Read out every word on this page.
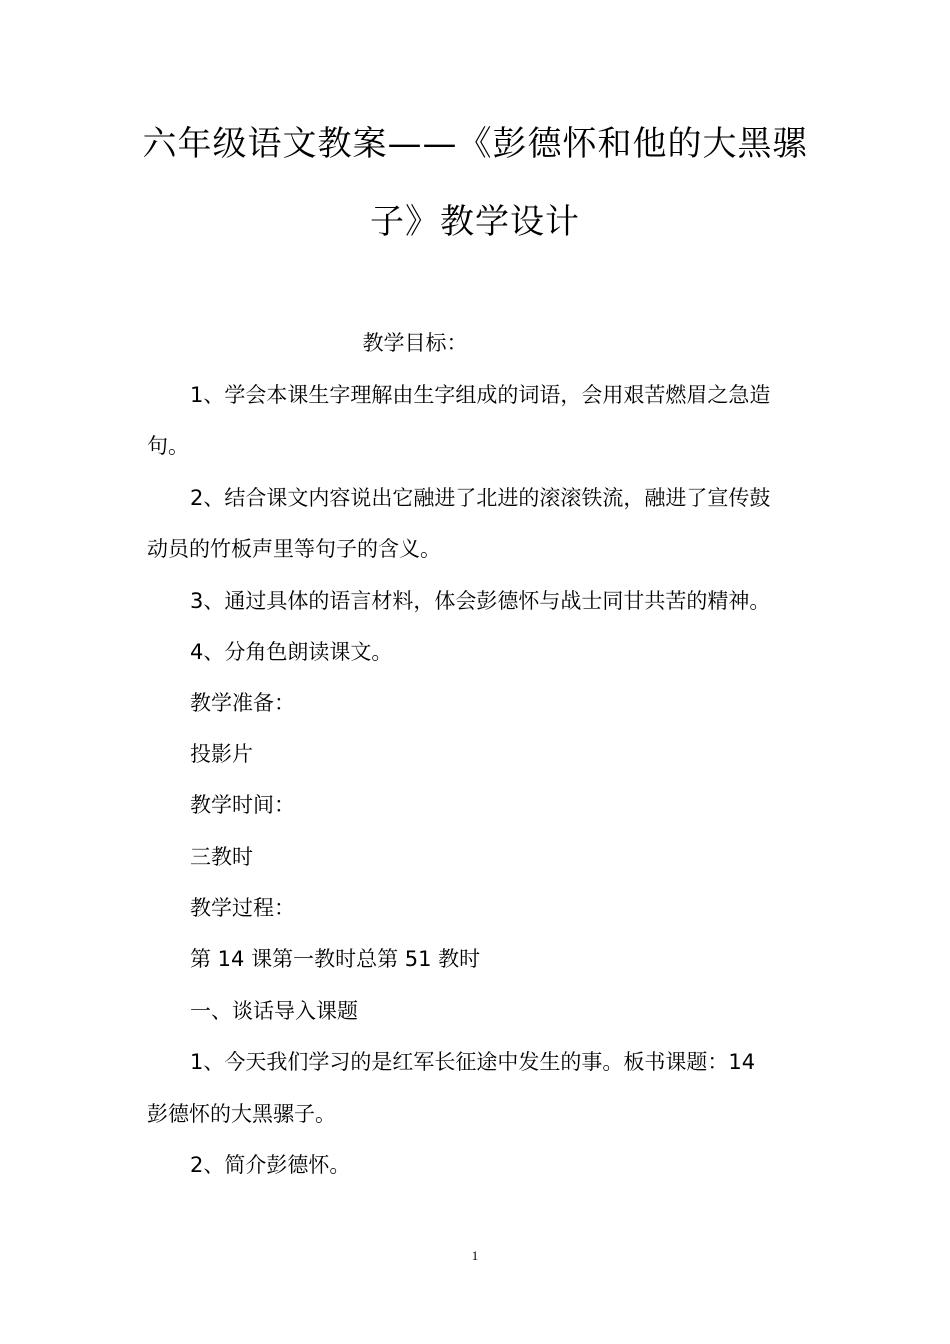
六年级语文教案——《彭德怀和他的大黑骡
子》教学设计
教学目标：
1、学会本课生字理解由生字组成的词语，会用艰苦燃眉之急造
句。
2、结合课文内容说出它融进了北进的滚滚铁流，融进了宣传鼓
动员的竹板声里等句子的含义。
3、通过具体的语言材料，体会彭德怀与战士同甘共苦的精神。
4、分角色朗读课文。
教学准备：
投影片
教学时间：
三教时
教学过程：
第 14 课第一教时总第 51 教时
一、谈话导入课题
1、今天我们学习的是红军长征途中发生的事。板书课题：14
彭德怀的大黑骡子。
2、简介彭德怀。
1
